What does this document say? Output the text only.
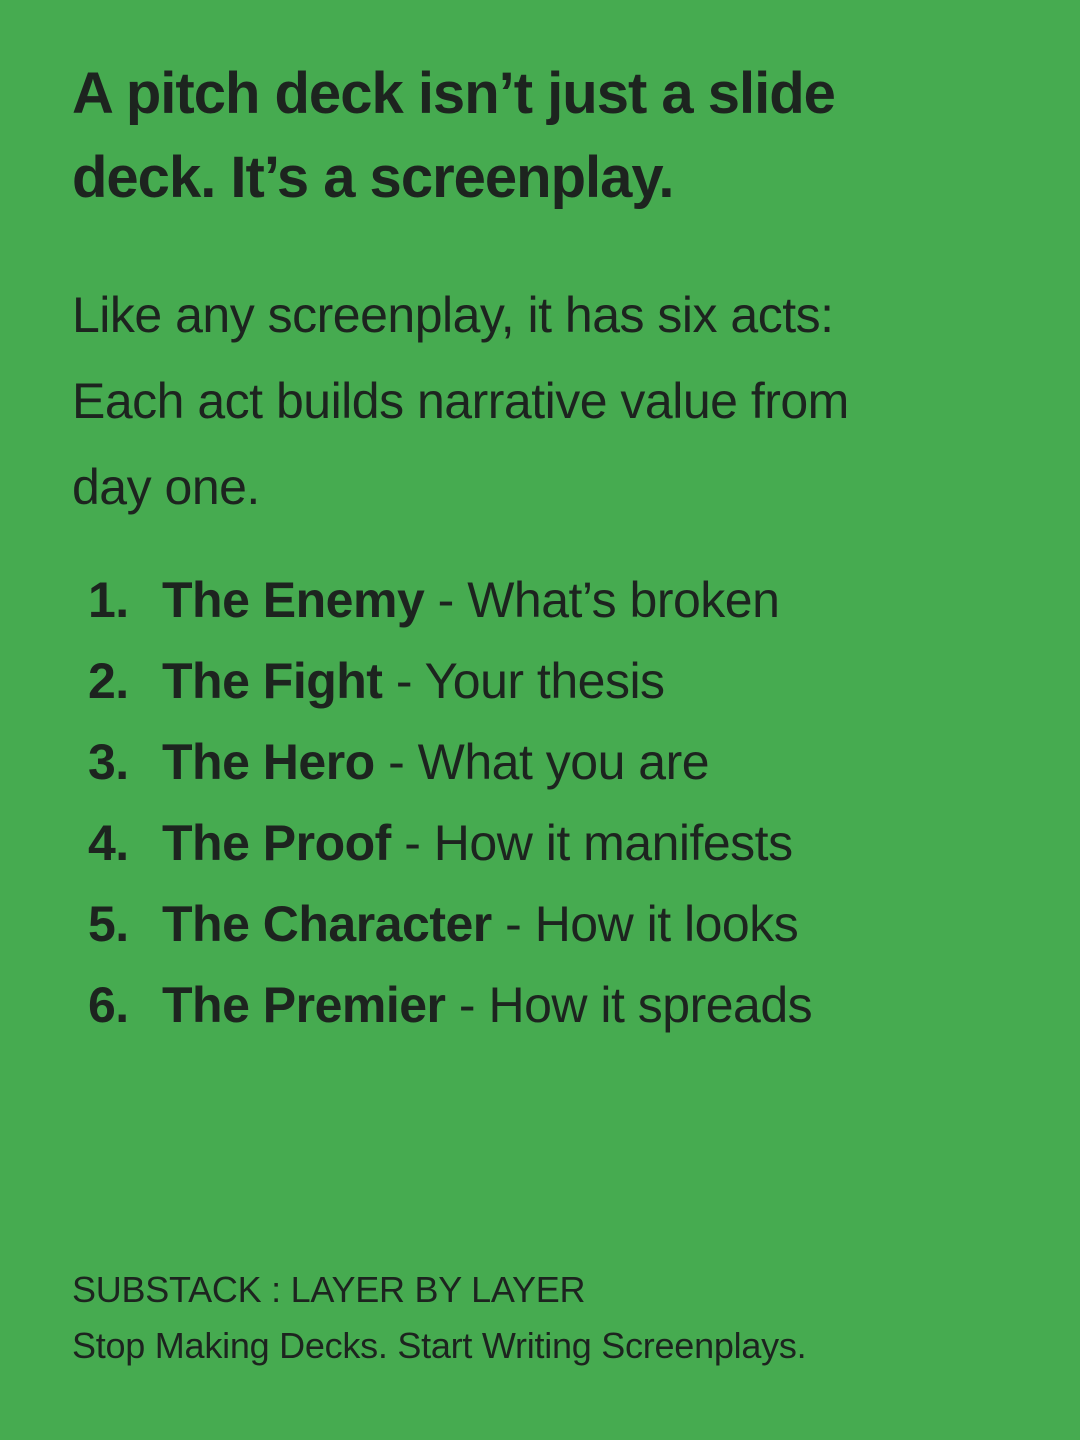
A pitch deck isn’t just a slide
deck. It’s a screenplay.

Like any screenplay, it has six acts:
Each act builds narrative value from
day one.

1. The Enemy - What’s broken
2. The Fight - Your thesis
3. The Hero - What you are
4. The Proof - How it manifests
5. The Character - How it looks
6. The Premier - How it spreads
SUBSTACK : LAYER BY LAYER
Stop Making Decks. Start Writing Screenplays.
